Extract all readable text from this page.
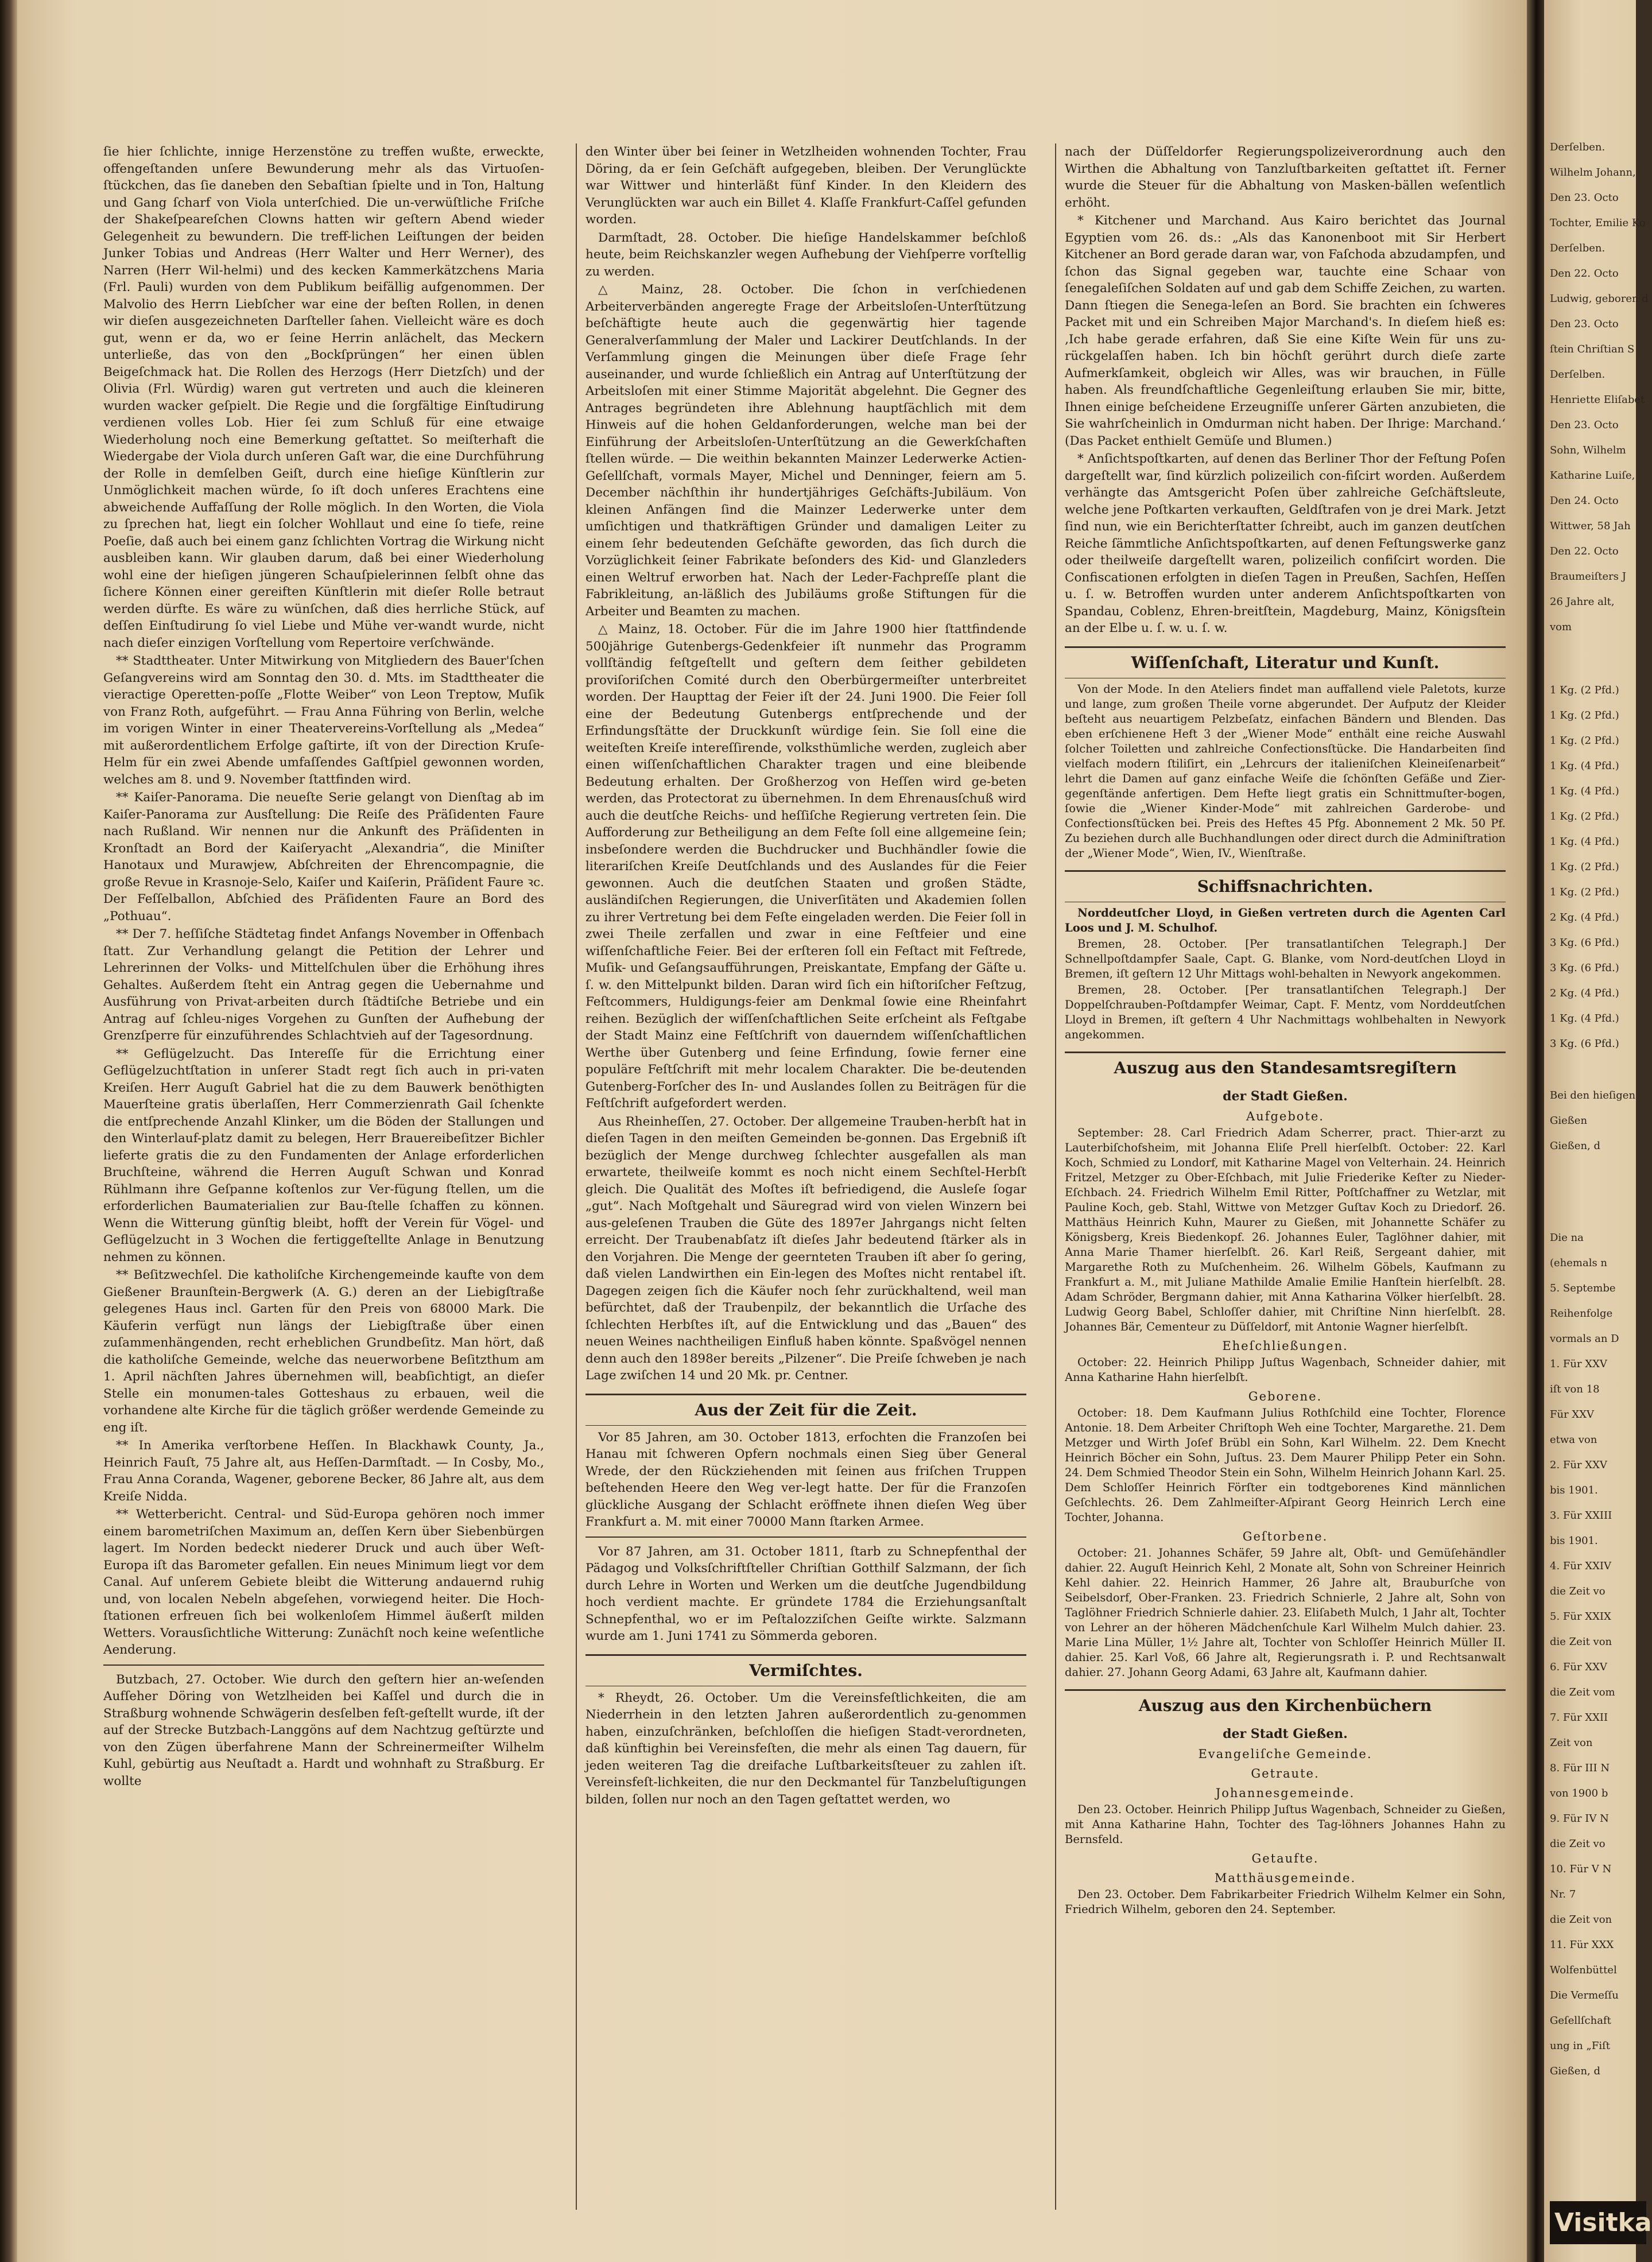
ſie hier ſchlichte, innige Herzenstöne zu treffen wußte, erweckte, offengeſtanden unſere Bewunderung mehr als das Virtuoſen-ſtückchen, das ſie daneben den Sebaſtian ſpielte und in Ton, Haltung und Gang ſcharf von Viola unterſchied. Die un-verwüſtliche Friſche der Shakeſpeareſchen Clowns hatten wir geſtern Abend wieder Gelegenheit zu bewundern. Die treff-lichen Leiſtungen der beiden Junker Tobias und Andreas (Herr Walter und Herr Werner), des Narren (Herr Wil-helmi) und des kecken Kammerkätzchens Maria (Frl. Pauli) wurden von dem Publikum beifällig aufgenommen. Der Malvolio des Herrn Liebſcher war eine der beſten Rollen, in denen wir dieſen ausgezeichneten Darſteller ſahen. Vielleicht wäre es doch gut, wenn er da, wo er ſeine Herrin anlächelt, das Meckern unterließe, das von den „Bockſprüngen“ her einen üblen Beigeſchmack hat. Die Rollen des Herzogs (Herr Dietzſch) und der Olivia (Frl. Würdig) waren gut vertreten und auch die kleineren wurden wacker geſpielt. Die Regie und die ſorgfältige Einſtudirung verdienen volles Lob. Hier ſei zum Schluß für eine etwaige Wiederholung noch eine Bemerkung geſtattet. So meiſterhaft die Wiedergabe der Viola durch unſeren Gaſt war, die eine Durchführung der Rolle in demſelben Geiſt, durch eine hieſige Künſtlerin zur Unmöglichkeit machen würde, ſo iſt doch unſeres Erachtens eine abweichende Auffaſſung der Rolle möglich. In den Worten, die Viola zu ſprechen hat, liegt ein ſolcher Wohllaut und eine ſo tiefe, reine Poeſie, daß auch bei einem ganz ſchlichten Vortrag die Wirkung nicht ausbleiben kann. Wir glauben darum, daß bei einer Wiederholung wohl eine der hieſigen jüngeren Schauſpielerinnen ſelbſt ohne das ſichere Können einer gereiften Künſtlerin mit dieſer Rolle betraut werden dürfte. Es wäre zu wünſchen, daß dies herrliche Stück, auf deſſen Einſtudirung ſo viel Liebe und Mühe ver-wandt wurde, nicht nach dieſer einzigen Vorſtellung vom Repertoire verſchwände.

** Stadttheater. Unter Mitwirkung von Mitgliedern des Bauer'ſchen Geſangvereins wird am Sonntag den 30. d. Mts. im Stadttheater die vieractige Operetten-poſſe „Flotte Weiber“ von Leon Treptow, Muſik von Franz Roth, aufgeführt. — Frau Anna Führing von Berlin, welche im vorigen Winter in einer Theatervereins-Vorſtellung als „Medea“ mit außerordentlichem Erfolge gaſtirte, iſt von der Direction Kruſe-Helm für ein zwei Abende umfaſſendes Gaſtſpiel gewonnen worden, welches am 8. und 9. November ſtattfinden wird.

** Kaiſer-Panorama. Die neueſte Serie gelangt von Dienſtag ab im Kaiſer-Panorama zur Ausſtellung: Die Reiſe des Präſidenten Faure nach Rußland. Wir nennen nur die Ankunft des Präſidenten in Kronſtadt an Bord der Kaiſeryacht „Alexandria“, die Miniſter Hanotaux und Murawjew, Abſchreiten der Ehrencompagnie, die große Revue in Krasnoje-Selo, Kaiſer und Kaiſerin, Präſident Faure ꝛc. Der Feſſelballon, Abſchied des Präſidenten Faure an Bord des „Pothuau“.

** Der 7. heſſiſche Städtetag findet Anfangs November in Offenbach ſtatt. Zur Verhandlung gelangt die Petition der Lehrer und Lehrerinnen der Volks- und Mittelſchulen über die Erhöhung ihres Gehaltes. Außerdem ſteht ein Antrag gegen die Uebernahme und Ausführung von Privat-arbeiten durch ſtädtiſche Betriebe und ein Antrag auf ſchleu-niges Vorgehen zu Gunſten der Aufhebung der Grenzſperre für einzuführendes Schlachtvieh auf der Tagesordnung.

** Geflügelzucht. Das Intereſſe für die Errichtung einer Geflügelzuchtſtation in unſerer Stadt regt ſich auch in pri-vaten Kreiſen. Herr Auguſt Gabriel hat die zu dem Bauwerk benöthigten Mauerſteine gratis überlaſſen, Herr Commerzienrath Gail ſchenkte die entſprechende Anzahl Klinker, um die Böden der Stallungen und den Winterlauf-platz damit zu belegen, Herr Brauereibeſitzer Bichler lieferte gratis die zu den Fundamenten der Anlage erforderlichen Bruchſteine, während die Herren Auguſt Schwan und Konrad Rühlmann ihre Geſpanne koſtenlos zur Ver-fügung ſtellen, um die erforderlichen Baumaterialien zur Bau-ſtelle ſchaffen zu können. Wenn die Witterung günſtig bleibt, hofft der Verein für Vögel- und Geflügelzucht in 3 Wochen die fertiggeſtellte Anlage in Benutzung nehmen zu können.

** Beſitzwechſel. Die katholiſche Kirchengemeinde kaufte von dem Gießener Braunſtein-Bergwerk (A. G.) deren an der Liebigſtraße gelegenes Haus incl. Garten für den Preis von 68000 Mark. Die Käuferin verfügt nun längs der Liebigſtraße über einen zuſammenhängenden, recht erheblichen Grundbeſitz. Man hört, daß die katholiſche Gemeinde, welche das neuerworbene Beſitzthum am 1. April nächſten Jahres übernehmen will, beabſichtigt, an dieſer Stelle ein monumen-tales Gotteshaus zu erbauen, weil die vorhandene alte Kirche für die täglich größer werdende Gemeinde zu eng iſt.

** In Amerika verſtorbene Heſſen. In Blackhawk County, Ja., Heinrich Fauſt, 75 Jahre alt, aus Heſſen-Darmſtadt. — In Cosby, Mo., Frau Anna Coranda, Wagener, geborene Becker, 86 Jahre alt, aus dem Kreiſe Nidda.

** Wetterbericht. Central- und Süd-Europa gehören noch immer einem barometriſchen Maximum an, deſſen Kern über Siebenbürgen lagert. Im Norden bedeckt niederer Druck und auch über Weſt-Europa iſt das Barometer gefallen. Ein neues Minimum liegt vor dem Canal. Auf unſerem Gebiete bleibt die Witterung andauernd ruhig und, von localen Nebeln abgeſehen, vorwiegend heiter. Die Hoch-ſtationen erfreuen ſich bei wolkenloſem Himmel äußerſt milden Wetters. Vorausſichtliche Witterung: Zunächſt noch keine weſentliche Aenderung.

Butzbach, 27. October. Wie durch den geſtern hier an-weſenden Aufſeher Döring von Wetzlheiden bei Kaſſel und durch die in Straßburg wohnende Schwägerin desſelben feſt-geſtellt wurde, iſt der auf der Strecke Butzbach-Langgöns auf dem Nachtzug geſtürzte und von den Zügen überfahrene Mann der Schreinermeiſter Wilhelm Kuhl, gebürtig aus Neuſtadt a. Hardt und wohnhaft zu Straßburg. Er wollte

den Winter über bei ſeiner in Wetzlheiden wohnenden Tochter, Frau Döring, da er ſein Geſchäft aufgegeben, bleiben. Der Verunglückte war Wittwer und hinterläßt fünf Kinder. In den Kleidern des Verunglückten war auch ein Billet 4. Klaſſe Frankfurt-Caſſel gefunden worden.

Darmſtadt, 28. October. Die hieſige Handelskammer beſchloß heute, beim Reichskanzler wegen Aufhebung der Viehſperre vorſtellig zu werden.

△ Mainz, 28. October. Die ſchon in verſchiedenen Arbeiterverbänden angeregte Frage der Arbeitsloſen-Unterſtützung beſchäftigte heute auch die gegenwärtig hier tagende Generalverſammlung der Maler und Lackirer Deutſchlands. In der Verſammlung gingen die Meinungen über dieſe Frage ſehr auseinander, und wurde ſchließlich ein Antrag auf Unterſtützung der Arbeitsloſen mit einer Stimme Majorität abgelehnt. Die Gegner des Antrages begründeten ihre Ablehnung hauptſächlich mit dem Hinweis auf die hohen Geldanforderungen, welche man bei der Einführung der Arbeitsloſen-Unterſtützung an die Gewerkſchaften ſtellen würde. — Die weithin bekannten Mainzer Lederwerke Actien-Geſellſchaft, vormals Mayer, Michel und Denninger, feiern am 5. December nächſthin ihr hundertjähriges Geſchäfts-Jubiläum. Von kleinen Anfängen ſind die Mainzer Lederwerke unter dem umſichtigen und thatkräftigen Gründer und damaligen Leiter zu einem ſehr bedeutenden Geſchäfte geworden, das ſich durch die Vorzüglichkeit ſeiner Fabrikate beſonders des Kid- und Glanzleders einen Weltruf erworben hat. Nach der Leder-Fachpreſſe plant die Fabrikleitung, an-läßlich des Jubiläums große Stiftungen für die Arbeiter und Beamten zu machen.

△ Mainz, 18. October. Für die im Jahre 1900 hier ſtattfindende 500jährige Gutenbergs-Gedenkfeier iſt nunmehr das Programm vollſtändig feſtgeſtellt und geſtern dem ſeither gebildeten proviſoriſchen Comité durch den Oberbürgermeiſter unterbreitet worden. Der Haupttag der Feier iſt der 24. Juni 1900. Die Feier ſoll eine der Bedeutung Gutenbergs entſprechende und der Erfindungsſtätte der Druckkunſt würdige ſein. Sie ſoll eine die weiteſten Kreiſe intereſſirende, volksthümliche werden, zugleich aber einen wiſſenſchaftlichen Charakter tragen und eine bleibende Bedeutung erhalten. Der Großherzog von Heſſen wird ge-beten werden, das Protectorat zu übernehmen. In dem Ehrenausſchuß wird auch die deutſche Reichs- und heſſiſche Regierung vertreten ſein. Die Aufforderung zur Betheiligung an dem Feſte ſoll eine allgemeine ſein; insbeſondere werden die Buchdrucker und Buchhändler ſowie die literariſchen Kreiſe Deutſchlands und des Auslandes für die Feier gewonnen. Auch die deutſchen Staaten und großen Städte, ausländiſchen Regierungen, die Univerſitäten und Akademien ſollen zu ihrer Vertretung bei dem Feſte eingeladen werden. Die Feier ſoll in zwei Theile zerfallen und zwar in eine Feſtfeier und eine wiſſenſchaftliche Feier. Bei der erſteren ſoll ein Feſtact mit Feſtrede, Muſik- und Geſangsaufführungen, Preiskantate, Empfang der Gäſte u. ſ. w. den Mittelpunkt bilden. Daran wird ſich ein hiſtoriſcher Feſtzug, Feſtcommers, Huldigungs-feier am Denkmal ſowie eine Rheinfahrt reihen. Bezüglich der wiſſenſchaftlichen Seite erſcheint als Feſtgabe der Stadt Mainz eine Feſtſchrift von dauerndem wiſſenſchaftlichen Werthe über Gutenberg und ſeine Erfindung, ſowie ferner eine populäre Feſtſchrift mit mehr localem Charakter. Die be-deutenden Gutenberg-Forſcher des In- und Auslandes ſollen zu Beiträgen für die Feſtſchrift aufgefordert werden.

Aus Rheinheſſen, 27. October. Der allgemeine Trauben-herbſt hat in dieſen Tagen in den meiſten Gemeinden be-gonnen. Das Ergebniß iſt bezüglich der Menge durchweg ſchlechter ausgefallen als man erwartete, theilweiſe kommt es noch nicht einem Sechſtel-Herbſt gleich. Die Qualität des Moſtes iſt befriedigend, die Ausleſe ſogar „gut“. Nach Moſtgehalt und Säuregrad wird von vielen Winzern bei aus-geleſenen Trauben die Güte des 1897er Jahrgangs nicht ſelten erreicht. Der Traubenabſatz iſt dieſes Jahr bedeutend ſtärker als in den Vorjahren. Die Menge der geernteten Trauben iſt aber ſo gering, daß vielen Landwirthen ein Ein-legen des Moſtes nicht rentabel iſt. Dagegen zeigen ſich die Käufer noch ſehr zurückhaltend, weil man befürchtet, daß der Traubenpilz, der bekanntlich die Urſache des ſchlechten Herbſtes iſt, auf die Entwicklung und das „Bauen“ des neuen Weines nachtheiligen Einfluß haben könnte. Spaßvögel nennen denn auch den 1898er bereits „Pilzener“. Die Preiſe ſchweben je nach Lage zwiſchen 14 und 20 Mk. pr. Centner.

Aus der Zeit für die Zeit.

Vor 85 Jahren, am 30. October 1813, erfochten die Franzoſen bei Hanau mit ſchweren Opfern nochmals einen Sieg über General Wrede, der den Rückziehenden mit ſeinen aus friſchen Truppen beſtehenden Heere den Weg ver-legt hatte. Der für die Franzoſen glückliche Ausgang der Schlacht eröffnete ihnen dieſen Weg über Frankfurt a. M. mit einer 70000 Mann ſtarken Armee.

Vor 87 Jahren, am 31. October 1811, ſtarb zu Schnepfenthal der Pädagog und Volksſchriftſteller Chriſtian Gotthilf Salzmann, der ſich durch Lehre in Worten und Werken um die deutſche Jugendbildung hoch verdient machte. Er gründete 1784 die Erziehungsanſtalt Schnepfenthal, wo er im Peſtalozziſchen Geiſte wirkte. Salzmann wurde am 1. Juni 1741 zu Sömmerda geboren.

Vermiſchtes.

* Rheydt, 26. October. Um die Vereinsfeſtlichkeiten, die am Niederrhein in den letzten Jahren außerordentlich zu-genommen haben, einzuſchränken, beſchloſſen die hieſigen Stadt-verordneten, daß künftighin bei Vereinsfeſten, die mehr als einen Tag dauern, für jeden weiteren Tag die dreifache Luſtbarkeitsſteuer zu zahlen iſt. Vereinsfeſt-lichkeiten, die nur den Deckmantel für Tanzbeluſtigungen bilden, ſollen nur noch an den Tagen geſtattet werden, wo

nach der Düſſeldorfer Regierungspolizeiverordnung auch den Wirthen die Abhaltung von Tanzluſtbarkeiten geſtattet iſt. Ferner wurde die Steuer für die Abhaltung von Masken-bällen weſentlich erhöht.

* Kitchener und Marchand. Aus Kairo berichtet das Journal Egyptien vom 26. ds.: „Als das Kanonenboot mit Sir Herbert Kitchener an Bord gerade daran war, von Faſchoda abzudampfen, und ſchon das Signal gegeben war, tauchte eine Schaar von ſenegaleſiſchen Soldaten auf und gab dem Schiffe Zeichen, zu warten. Dann ſtiegen die Senega-leſen an Bord. Sie brachten ein ſchweres Packet mit und ein Schreiben Major Marchand's. In dieſem hieß es: ‚Ich habe gerade erfahren, daß Sie eine Kiſte Wein für uns zu-rückgelaſſen haben. Ich bin höchſt gerührt durch dieſe zarte Aufmerkſamkeit, obgleich wir Alles, was wir brauchen, in Fülle haben. Als freundſchaftliche Gegenleiſtung erlauben Sie mir, bitte, Ihnen einige beſcheidene Erzeugniſſe unſerer Gärten anzubieten, die Sie wahrſcheinlich in Omdurman nicht haben. Der Ihrige: Marchand.‘ (Das Packet enthielt Gemüſe und Blumen.)

* Anſichtspoſtkarten, auf denen das Berliner Thor der Feſtung Poſen dargeſtellt war, ſind kürzlich polizeilich con-fiſcirt worden. Außerdem verhängte das Amtsgericht Poſen über zahlreiche Geſchäftsleute, welche jene Poſtkarten verkauften, Geldſtrafen von je drei Mark. Jetzt ſind nun, wie ein Berichterſtatter ſchreibt, auch im ganzen deutſchen Reiche ſämmtliche Anſichtspoſtkarten, auf denen Feſtungswerke ganz oder theilweiſe dargeſtellt waren, polizeilich confiſcirt worden. Die Confiscationen erfolgten in dieſen Tagen in Preußen, Sachſen, Heſſen u. ſ. w. Betroffen wurden unter anderem Anſichtspoſtkarten von Spandau, Coblenz, Ehren-breitſtein, Magdeburg, Mainz, Königsſtein an der Elbe u. ſ. w. u. ſ. w.

Wiſſenſchaft, Literatur und Kunſt.

Von der Mode. In den Ateliers findet man auffallend viele Paletots, kurze und lange, zum großen Theile vorne abgerundet. Der Aufputz der Kleider beſteht aus neuartigem Pelzbeſatz, einfachen Bändern und Blenden. Das eben erſchienene Heft 3 der „Wiener Mode“ enthält eine reiche Auswahl ſolcher Toiletten und zahlreiche Confectionsſtücke. Die Handarbeiten ſind vielfach modern ſtiliſirt, ein „Lehrcurs der italieniſchen Kleineiſenarbeit“ lehrt die Damen auf ganz einfache Weiſe die ſchönſten Gefäße und Zier-gegenſtände anfertigen. Dem Hefte liegt gratis ein Schnittmuſter-bogen, ſowie die „Wiener Kinder-Mode“ mit zahlreichen Garderobe- und Confectionsſtücken bei. Preis des Heftes 45 Pfg. Abonnement 2 Mk. 50 Pf. Zu beziehen durch alle Buchhandlungen oder direct durch die Adminiſtration der „Wiener Mode“, Wien, IV., Wienſtraße.

Schiffsnachrichten.

Norddeutſcher Lloyd, in Gießen vertreten durch die Agenten Carl Loos und J. M. Schulhof.

Bremen, 28. October. [Per transatlantiſchen Telegraph.] Der Schnellpoſtdampfer Saale, Capt. G. Blanke, vom Nord-deutſchen Lloyd in Bremen, iſt geſtern 12 Uhr Mittags wohl-behalten in Newyork angekommen.

Bremen, 28. October. [Per transatlantiſchen Telegraph.] Der Doppelſchrauben-Poſtdampfer Weimar, Capt. F. Mentz, vom Norddeutſchen Lloyd in Bremen, iſt geſtern 4 Uhr Nachmittags wohlbehalten in Newyork angekommen.

Auszug aus den Standesamtsregiſtern
der Stadt Gießen.
Aufgebote.

September: 28. Carl Friedrich Adam Scherrer, pract. Thier-arzt zu Lauterbiſchofsheim, mit Johanna Eliſe Prell hierſelbſt. October: 22. Karl Koch, Schmied zu Londorf, mit Katharine Magel von Velterhain. 24. Heinrich Fritzel, Metzger zu Ober-Eſchbach, mit Julie Friederike Keſter zu Nieder-Eſchbach. 24. Friedrich Wilhelm Emil Ritter, Poſtſchaffner zu Wetzlar, mit Pauline Koch, geb. Stahl, Wittwe von Metzger Guſtav Koch zu Driedorf. 26. Matthäus Heinrich Kuhn, Maurer zu Gießen, mit Johannette Schäfer zu Königsberg, Kreis Biedenkopf. 26. Johannes Euler, Taglöhner dahier, mit Anna Marie Thamer hierſelbſt. 26. Karl Reiß, Sergeant dahier, mit Margarethe Roth zu Muſchenheim. 26. Wilhelm Göbels, Kaufmann zu Frankfurt a. M., mit Juliane Mathilde Amalie Emilie Hanſtein hierſelbſt. 28. Adam Schröder, Bergmann dahier, mit Anna Katharina Völker hierſelbſt. 28. Ludwig Georg Babel, Schloſſer dahier, mit Chriſtine Ninn hierſelbſt. 28. Johannes Bär, Cementeur zu Düſſeldorf, mit Antonie Wagner hierſelbſt.

Eheſchließungen.

October: 22. Heinrich Philipp Juſtus Wagenbach, Schneider dahier, mit Anna Katharine Hahn hierſelbſt.

Geborene.

October: 18. Dem Kaufmann Julius Rothſchild eine Tochter, Florence Antonie. 18. Dem Arbeiter Chriſtoph Weh eine Tochter, Margarethe. 21. Dem Metzger und Wirth Joſef Brübl ein Sohn, Karl Wilhelm. 22. Dem Knecht Heinrich Böcher ein Sohn, Juſtus. 23. Dem Maurer Philipp Peter ein Sohn. 24. Dem Schmied Theodor Stein ein Sohn, Wilhelm Heinrich Johann Karl. 25. Dem Schloſſer Heinrich Förſter ein todtgeborenes Kind männlichen Geſchlechts. 26. Dem Zahlmeiſter-Aſpirant Georg Heinrich Lerch eine Tochter, Johanna.

Geſtorbene.

October: 21. Johannes Schäfer, 59 Jahre alt, Obſt- und Gemüſehändler dahier. 22. Auguſt Heinrich Kehl, 2 Monate alt, Sohn von Schreiner Heinrich Kehl dahier. 22. Heinrich Hammer, 26 Jahre alt, Brauburſche von Seibelsdorf, Ober-Franken. 23. Friedrich Schnierle, 2 Jahre alt, Sohn von Taglöhner Friedrich Schnierle dahier. 23. Eliſabeth Mulch, 1 Jahr alt, Tochter von Lehrer an der höheren Mädchenſchule Karl Wilhelm Mulch dahier. 23. Marie Lina Müller, 1½ Jahre alt, Tochter von Schloſſer Heinrich Müller II. dahier. 25. Karl Voß, 66 Jahre alt, Regierungsrath i. P. und Rechtsanwalt dahier. 27. Johann Georg Adami, 63 Jahre alt, Kaufmann dahier.

Auszug aus den Kirchenbüchern
der Stadt Gießen.
Evangeliſche Gemeinde.
Getraute.
Johannesgemeinde.

Den 23. October. Heinrich Philipp Juſtus Wagenbach, Schneider zu Gießen, mit Anna Katharine Hahn, Tochter des Tag-löhners Johannes Hahn zu Bernsfeld.

Getaufte.
Matthäusgemeinde.

Den 23. October. Dem Fabrikarbeiter Friedrich Wilhelm Kelmer ein Sohn, Friedrich Wilhelm, geboren den 24. September.

Derſelben.
Wilhelm Johann,
Den 23. Octo
Tochter, Emilie Ko
Derſelben.
Den 22. Octo
Ludwig, geboren d
Den 23. Octo
ſtein Chriſtian S
Derſelben.
Henriette Eliſabet
Den 23. Octo
Sohn, Wilhelm
Katharine Luiſe,
Den 24. Octo
Wittwer, 58 Jah
Den 22. Octo
Braumeiſters J
26 Jahre alt,
vom
1 Kg. (2 Pfd.)
1 Kg. (2 Pfd.)
1 Kg. (2 Pfd.)
1 Kg. (4 Pfd.)
1 Kg. (4 Pfd.)
1 Kg. (2 Pfd.)
1 Kg. (4 Pfd.)
1 Kg. (2 Pfd.)
1 Kg. (2 Pfd.)
2 Kg. (4 Pfd.)
3 Kg. (6 Pfd.)
3 Kg. (6 Pfd.)
2 Kg. (4 Pfd.)
1 Kg. (4 Pfd.)
3 Kg. (6 Pfd.)
Bei den hieſigen
Gießen
Gießen, d
Die na
(ehemals n
5. Septembe
Reihenfolge
vormals an D
1. Für XXV
iſt von 18
Für XXV
etwa von
2. Für XXV
bis 1901.
3. Für XXIII
bis 1901.
4. Für XXIV
die Zeit vo
5. Für XXIX
die Zeit von
6. Für XXV
die Zeit vom
7. Für XXII
Zeit von
8. Für III N
von 1900 b
9. Für IV N
die Zeit vo
10. Für V N
Nr. 7
die Zeit von
11. Für XXX
Wolfenbüttel
Die Vermeſſu
Geſellſchaft
ung in „Fiſt
Gießen, d
Visitka
